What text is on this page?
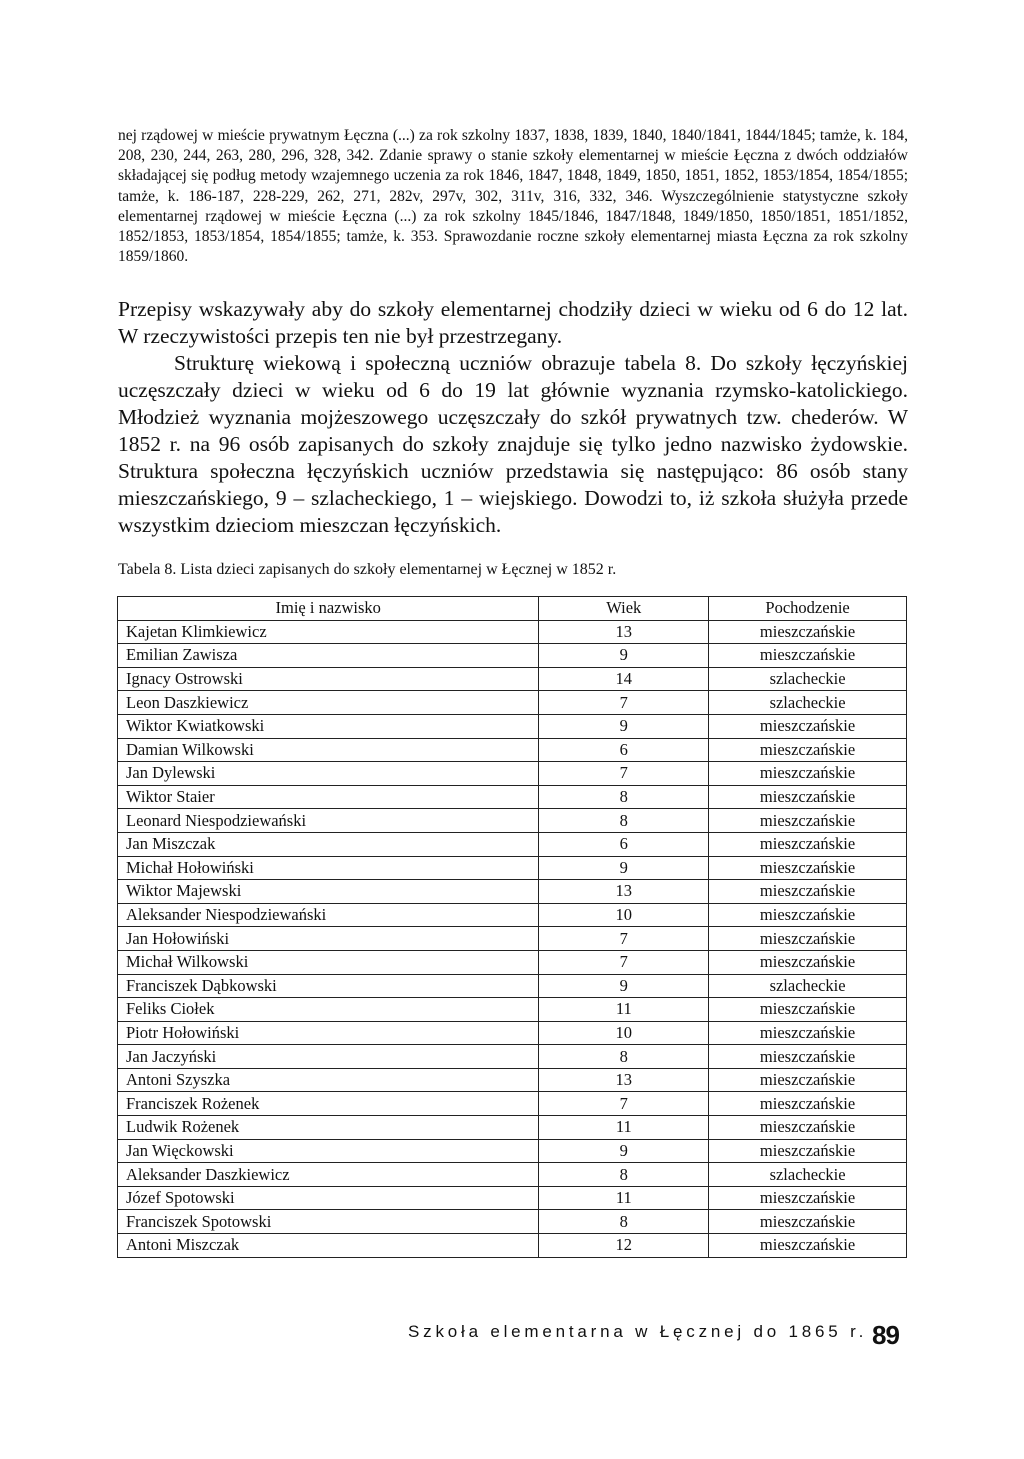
nej rządowej w mieście prywatnym Łęczna (...) za rok szkolny 1837, 1838, 1839, 1840, 1840/1841, 1844/1845; tamże, k. 184, 208, 230, 244, 263, 280, 296, 328, 342. Zdanie sprawy o stanie szkoły elementarnej w mieście Łęczna z dwóch oddziałów składającej się podług metody wzajemnego uczenia za rok 1846, 1847, 1848, 1849, 1850, 1851, 1852, 1853/1854, 1854/1855; tamże, k. 186-187, 228-229, 262, 271, 282v, 297v, 302, 311v, 316, 332, 346. Wyszczególnienie statystyczne szkoły elementarnej rządowej w mieście Łęczna (...) za rok szkolny 1845/1846, 1847/1848, 1849/1850, 1850/1851, 1851/1852, 1852/1853, 1853/1854, 1854/1855; tamże, k. 353. Sprawozdanie roczne szkoły elementarnej miasta Łęczna za rok szkolny 1859/1860.

Przepisy wskazywały aby do szkoły elementarnej chodziły dzieci w wieku od 6 do 12 lat. W rzeczywistości przepis ten nie był przestrzegany.

Strukturę wiekową i społeczną uczniów obrazuje tabela 8. Do szkoły łęczyńskiej uczęszczały dzieci w wieku od 6 do 19 lat głównie wyznania rzymsko-katolickiego. Młodzież wyznania mojżeszowego uczęszczały do szkół prywatnych tzw. chederów. W 1852 r. na 96 osób zapisanych do szkoły znajduje się tylko jedno nazwisko żydowskie. Struktura społeczna łęczyńskich uczniów przedstawia się następująco: 86 osób stany mieszczańskiego, 9 – szlacheckiego, 1 – wiejskiego. Dowodzi to, iż szkoła służyła przede wszystkim dzieciom mieszczan łęczyńskich.

Tabela 8. Lista dzieci zapisanych do szkoły elementarnej w Łęcznej w 1852 r.

Imię i nazwisko	Wiek	Pochodzenie
Kajetan Klimkiewicz	13	mieszczańskie
Emilian Zawisza	9	mieszczańskie
Ignacy Ostrowski	14	szlacheckie
Leon Daszkiewicz	7	szlacheckie
Wiktor Kwiatkowski	9	mieszczańskie
Damian Wilkowski	6	mieszczańskie
Jan Dylewski	7	mieszczańskie
Wiktor Staier	8	mieszczańskie
Leonard Niespodziewański	8	mieszczańskie
Jan Miszczak	6	mieszczańskie
Michał Hołowiński	9	mieszczańskie
Wiktor Majewski	13	mieszczańskie
Aleksander Niespodziewański	10	mieszczańskie
Jan Hołowiński	7	mieszczańskie
Michał Wilkowski	7	mieszczańskie
Franciszek Dąbkowski	9	szlacheckie
Feliks Ciołek	11	mieszczańskie
Piotr Hołowiński	10	mieszczańskie
Jan Jaczyński	8	mieszczańskie
Antoni Szyszka	13	mieszczańskie
Franciszek Rożenek	7	mieszczańskie
Ludwik Rożenek	11	mieszczańskie
Jan Więckowski	9	mieszczańskie
Aleksander Daszkiewicz	8	szlacheckie
Józef Spotowski	11	mieszczańskie
Franciszek Spotowski	8	mieszczańskie
Antoni Miszczak	12	mieszczańskie
Szkoła elementarna w Łęcznej do 1865 r. 89
